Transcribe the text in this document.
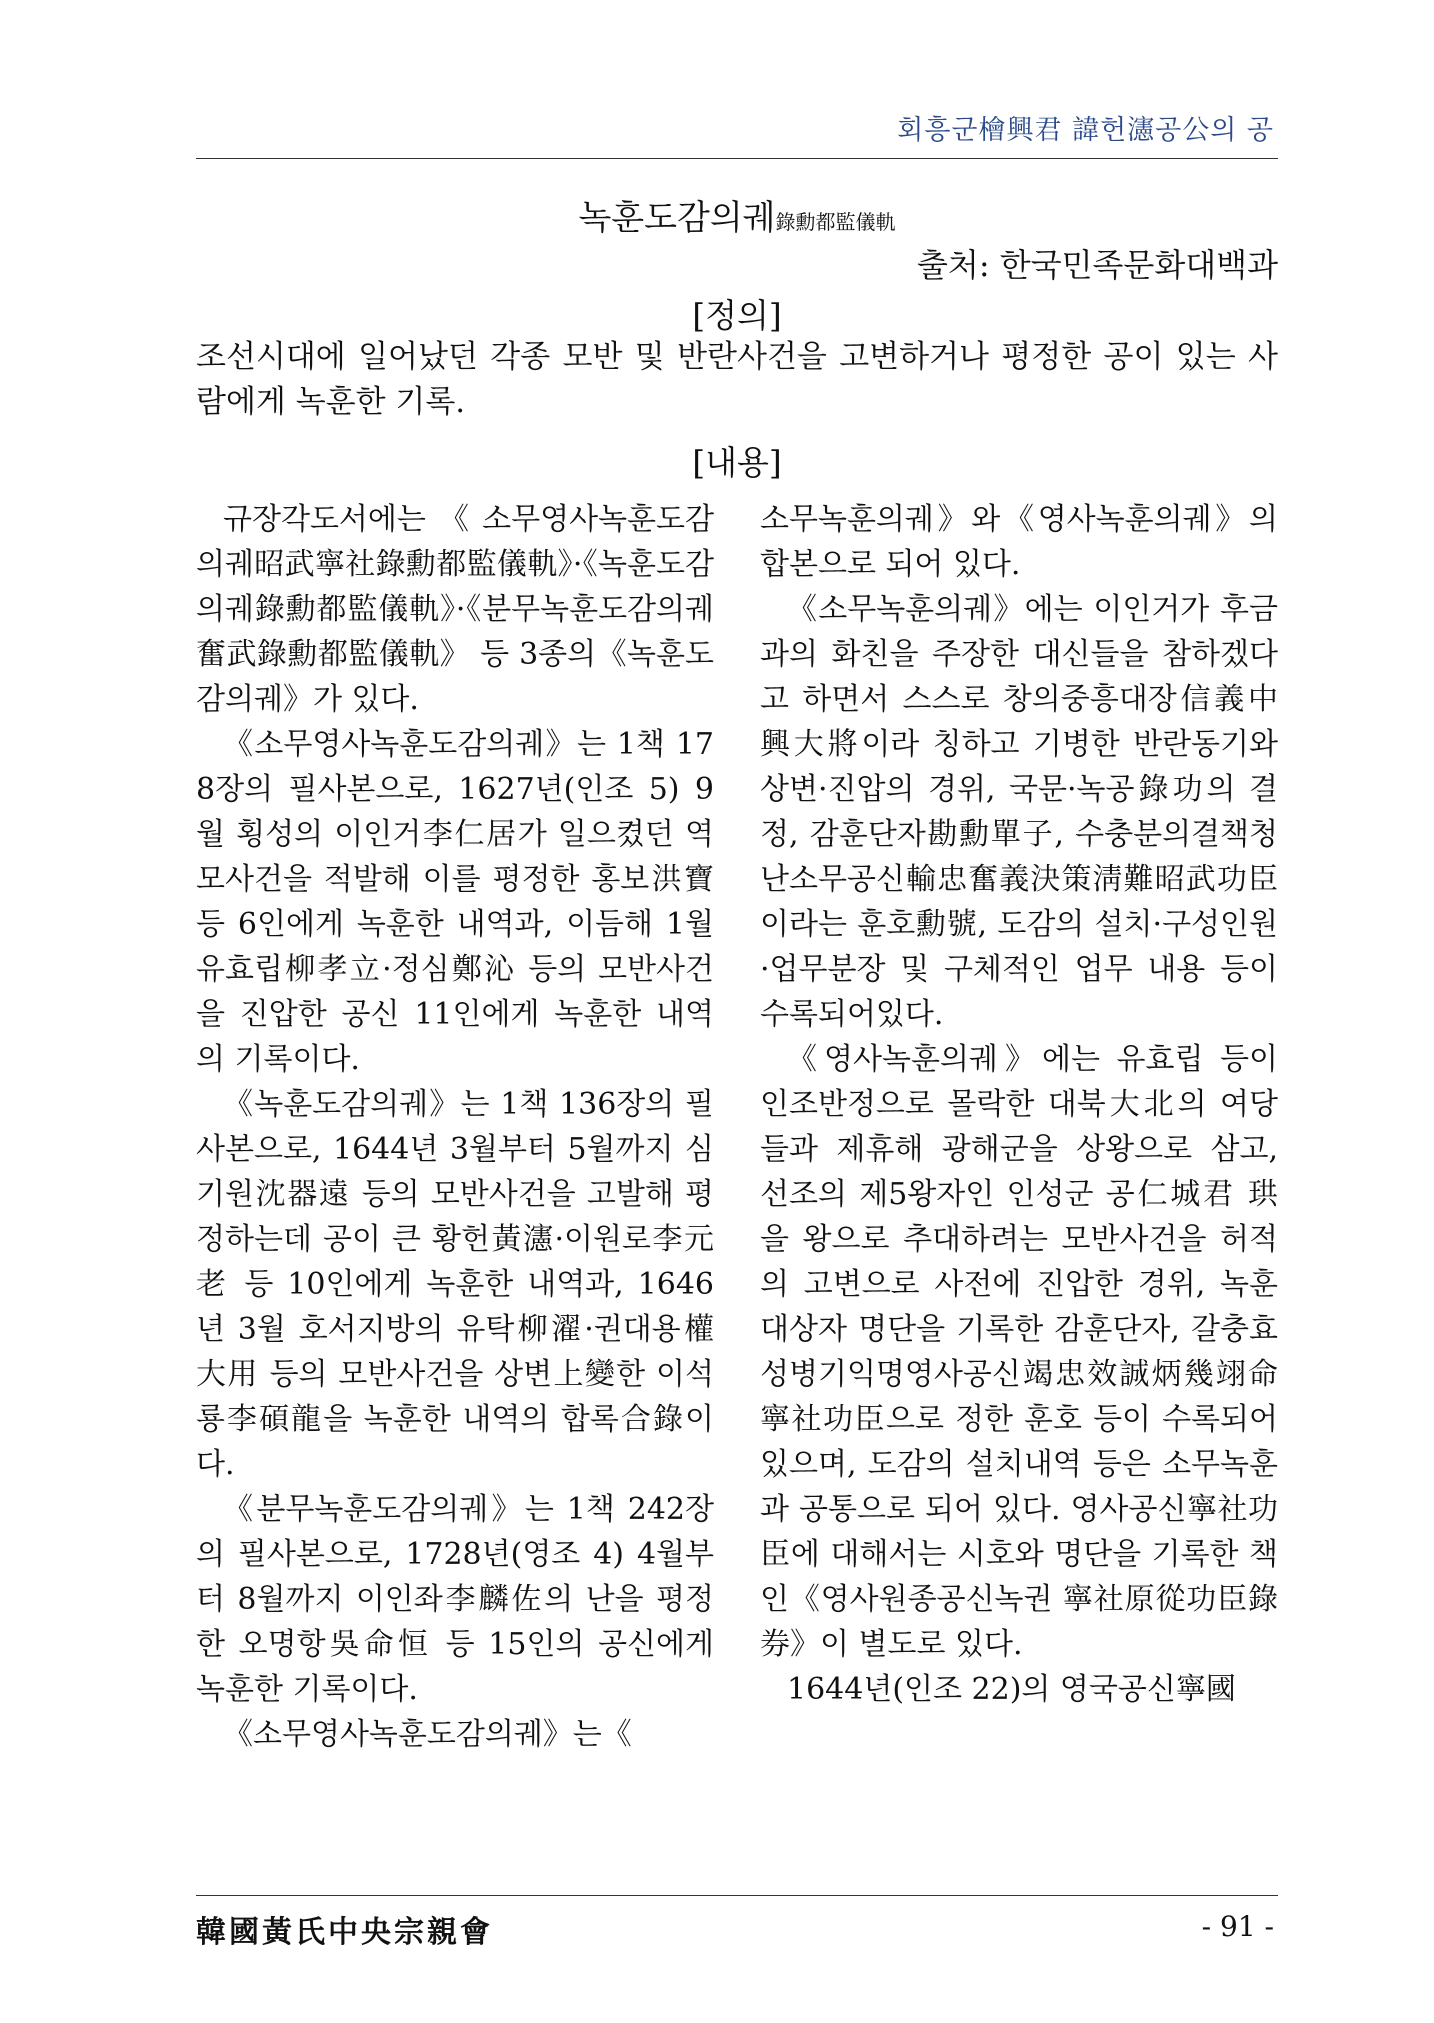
회흥군檜興君 諱헌瀗공公의 공
녹훈도감의궤錄勳都監儀軌
출처: 한국민족문화대백과
[정의]
조선시대에 일어났던 각종 모반 및 반란사건을 고변하거나 평정한 공이 있는 사람에게 녹훈한 기록.
[내용]

규장각도서에는《소무영사녹훈도감의궤昭武寧社錄勳都監儀軌》·《녹훈도감의궤錄勳都監儀軌》·《분무녹훈도감의궤奮武錄勳都監儀軌》 등 3종의《녹훈도감의궤》가 있다.

《소무영사녹훈도감의궤》는 1책 178장의 필사본으로, 1627년(인조 5) 9월 횡성의 이인거李仁居가 일으켰던 역모사건을 적발해 이를 평정한 홍보洪寶 등 6인에게 녹훈한 내역과, 이듬해 1월 유효립柳孝立·정심鄭沁 등의 모반사건을 진압한 공신 11인에게 녹훈한 내역의 기록이다.

《녹훈도감의궤》는 1책 136장의 필사본으로, 1644년 3월부터 5월까지 심기원沈器遠 등의 모반사건을 고발해 평정하는데 공이 큰 황헌黃瀗·이원로李元老 등 10인에게 녹훈한 내역과, 1646년 3월 호서지방의 유탁柳濯·권대용權大用 등의 모반사건을 상변上變한 이석룡李碩龍을 녹훈한 내역의 합록合錄이다.

《분무녹훈도감의궤》는 1책 242장의 필사본으로, 1728년(영조 4) 4월부터 8월까지 이인좌李麟佐의 난을 평정한 오명항吳命恒 등 15인의 공신에게 녹훈한 기록이다.

《소무영사녹훈도감의궤》는《

소무녹훈의궤》와《영사녹훈의궤》의 합본으로 되어 있다.

《소무녹훈의궤》에는 이인거가 후금과의 화친을 주장한 대신들을 참하겠다고 하면서 스스로 창의중흥대장信義中興大將이라 칭하고 기병한 반란동기와 상변·진압의 경위, 국문·녹공錄功의 결정, 감훈단자勘勳單子, 수충분의결책청난소무공신輸忠奮義決策淸難昭武功臣이라는 훈호勳號, 도감의 설치·구성인원·업무분장 및 구체적인 업무 내용 등이 수록되어있다.

《영사녹훈의궤》에는 유효립 등이 인조반정으로 몰락한 대북大北의 여당들과 제휴해 광해군을 상왕으로 삼고, 선조의 제5왕자인 인성군 공仁城君 珙을 왕으로 추대하려는 모반사건을 허적의 고변으로 사전에 진압한 경위, 녹훈대상자 명단을 기록한 감훈단자, 갈충효성병기익명영사공신竭忠效誠炳幾翊命寧社功臣으로 정한 훈호 등이 수록되어 있으며, 도감의 설치내역 등은 소무녹훈과 공통으로 되어 있다. 영사공신寧社功臣에 대해서는 시호와 명단을 기록한 책인《영사원종공신녹권 寧社原從功臣錄券》이 별도로 있다.

1644년(인조 22)의 영국공신寧國

韓國黃氏中央宗親會	- 91 -
